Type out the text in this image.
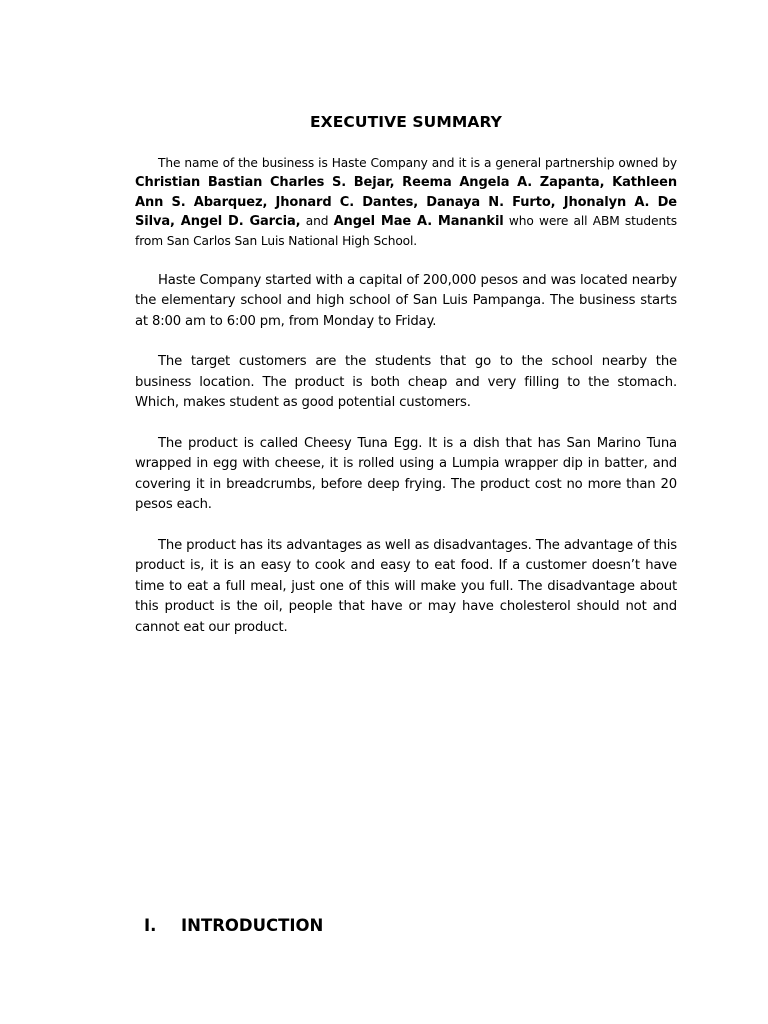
EXECUTIVE SUMMARY

The name of the business is Haste Company and it is a general partnership owned by Christian Bastian Charles S. Bejar, Reema Angela A. Zapanta, Kathleen Ann S. Abarquez, Jhonard C. Dantes, Danaya N. Furto, Jhonalyn A. De Silva, Angel D. Garcia, and Angel Mae A. Manankil who were all ABM students from San Carlos San Luis National High School.

Haste Company started with a capital of 200,000 pesos and was located nearby the elementary school and high school of San Luis Pampanga. The business starts at 8:00 am to 6:00 pm, from Monday to Friday.

The target customers are the students that go to the school nearby the business location. The product is both cheap and very filling to the stomach. Which, makes student as good potential customers.

The product is called Cheesy Tuna Egg. It is a dish that has San Marino Tuna wrapped in egg with cheese, it is rolled using a Lumpia wrapper dip in batter, and covering it in breadcrumbs, before deep frying. The product cost no more than 20 pesos each.

The product has its advantages as well as disadvantages. The advantage of this product is, it is an easy to cook and easy to eat food. If a customer doesn’t have time to eat a full meal, just one of this will make you full. The disadvantage about this product is the oil, people that have or may have cholesterol should not and cannot eat our product.

I. INTRODUCTION
